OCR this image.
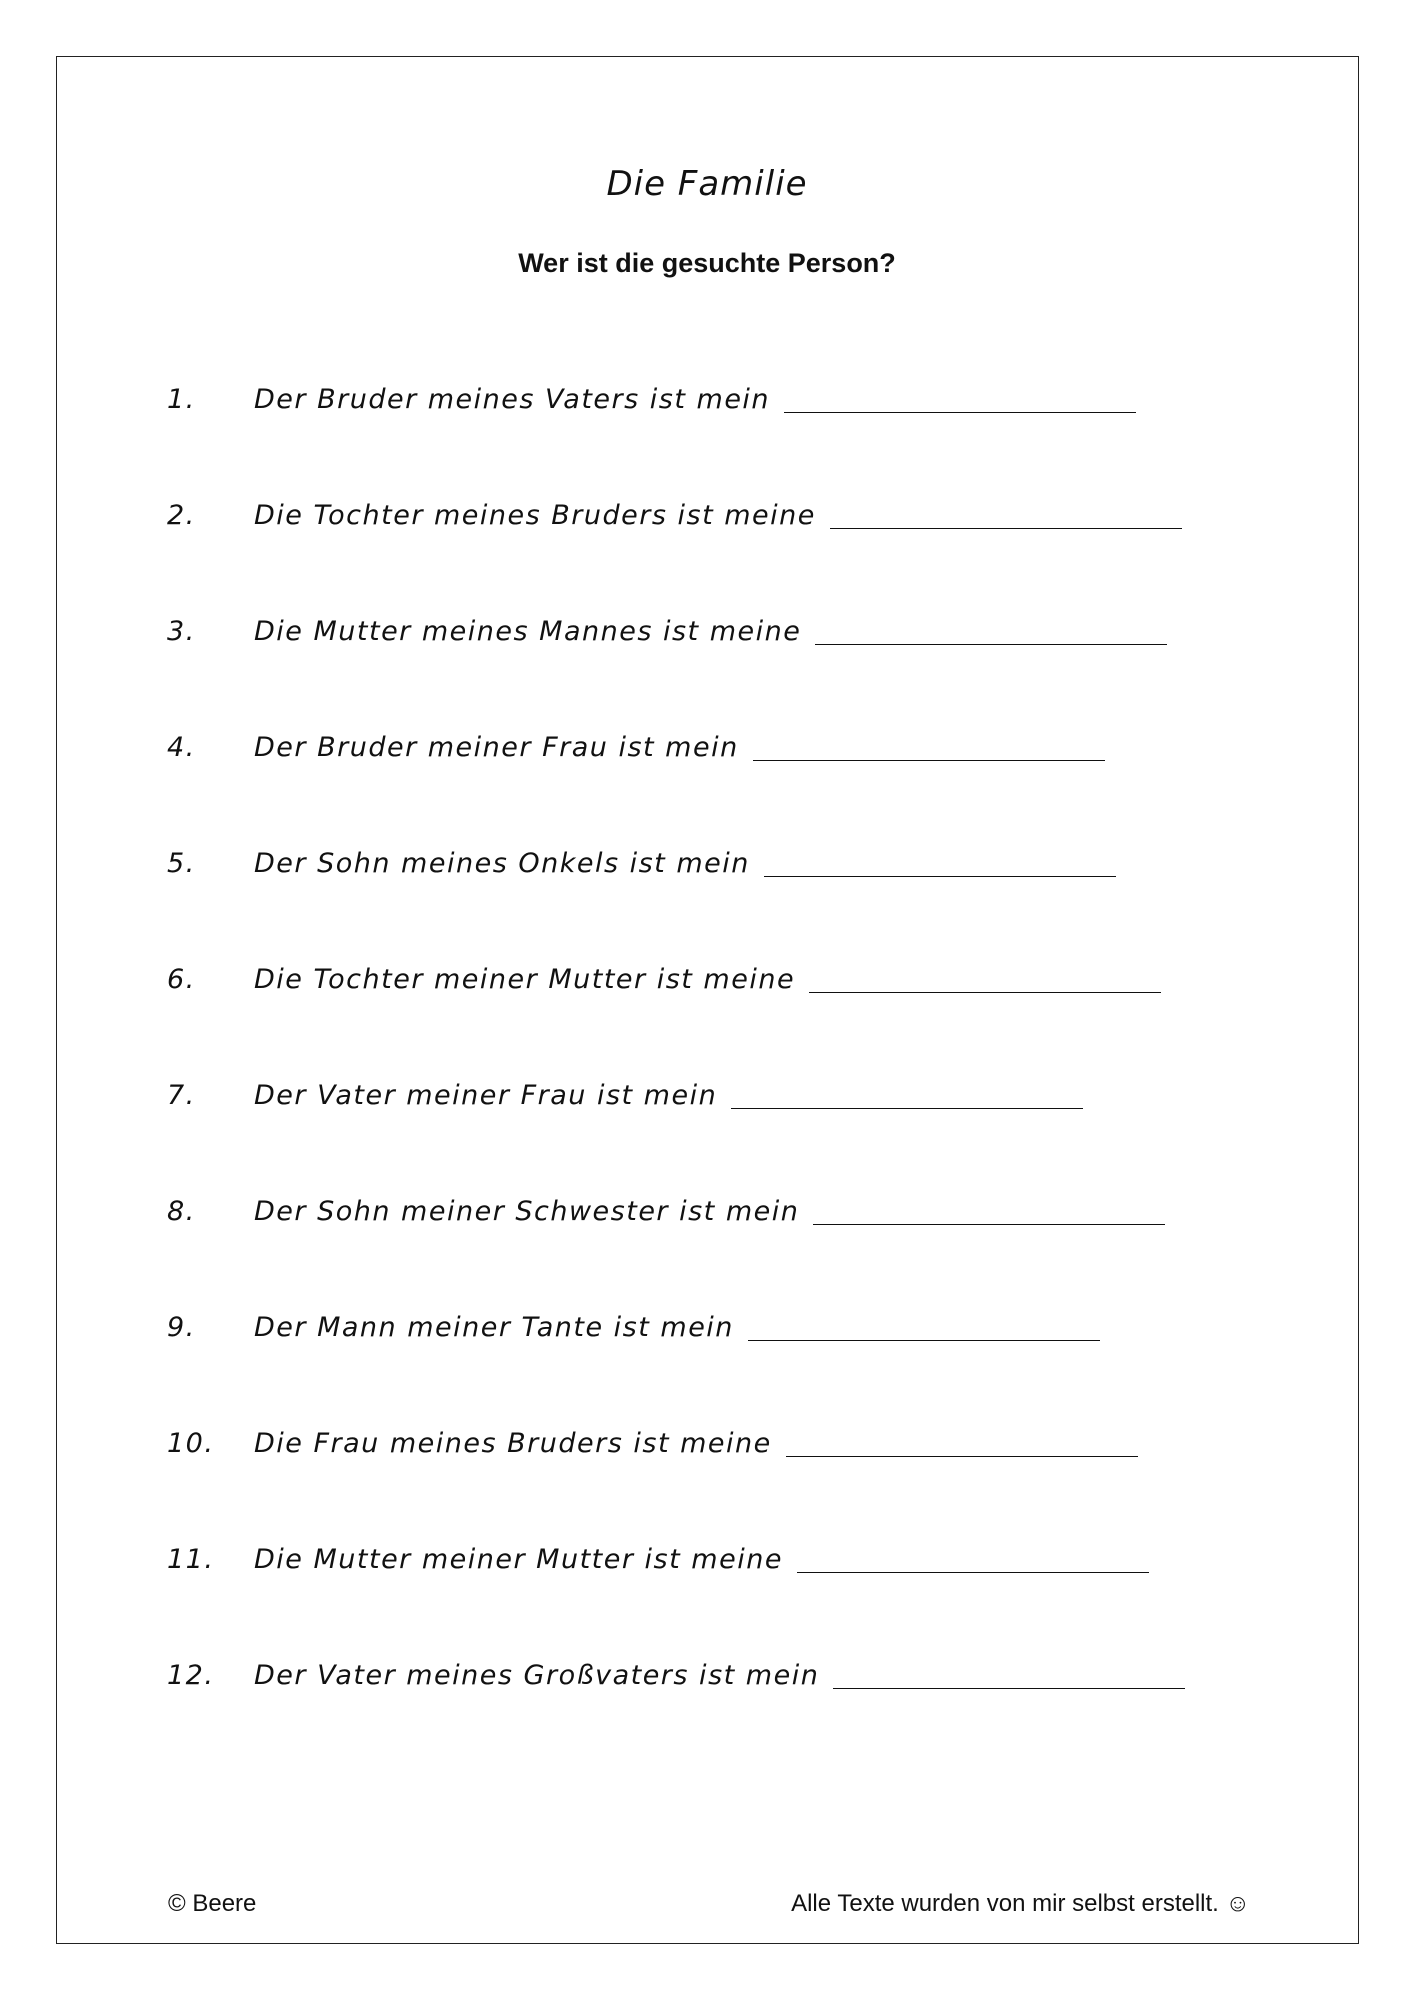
Die Familie
Wer ist die gesuchte Person?
1.	Der Bruder meines Vaters ist mein
2.	Die Tochter meines Bruders ist meine
3.	Die Mutter meines Mannes ist meine
4.	Der Bruder meiner Frau ist mein
5.	Der Sohn meines Onkels ist mein
6.	Die Tochter meiner Mutter ist meine
7.	Der Vater meiner Frau ist mein
8.	Der Sohn meiner Schwester ist mein
9.	Der Mann meiner Tante ist mein
10.	Die Frau meines Bruders ist meine
11.	Die Mutter meiner Mutter ist meine
12.	Der Vater meines Großvaters ist mein
© Beere	Alle Texte wurden von mir selbst erstellt. ☺
